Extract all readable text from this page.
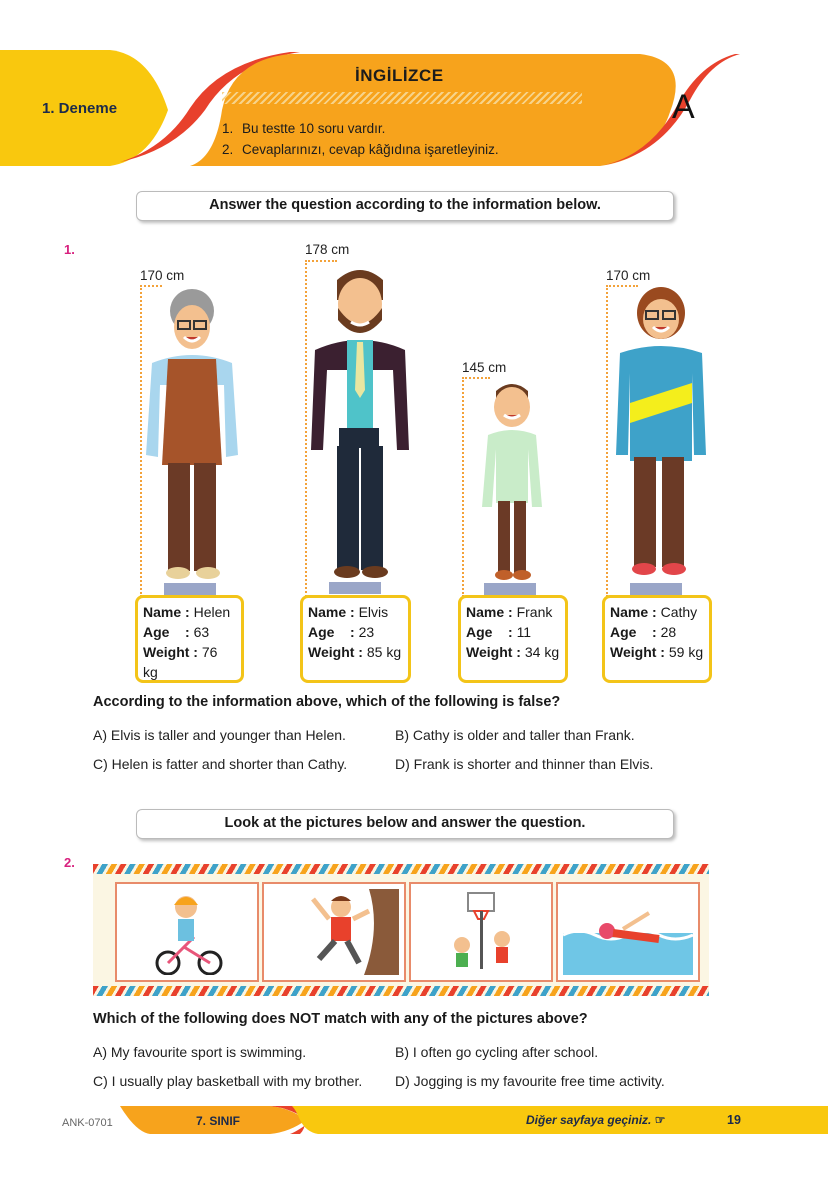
1. Deneme
İNGİLİZCE
1. Bu testte 10 soru vardır.
2. Cevaplarınızı, cevap kâğıdına işaretleyiniz.
A
Answer the question according to the information below.
1.
170 cm
178 cm
145 cm
170 cm
Name : Helen
Age : 63
Weight : 76 kg
Name : Elvis
Age : 23
Weight : 85 kg
Name : Frank
Age : 11
Weight : 34 kg
Name : Cathy
Age : 28
Weight : 59 kg
According to the information above, which of the following is false?
A) Elvis is taller and younger than Helen.	B) Cathy is older and taller than Frank.
C) Helen is fatter and shorter than Cathy.	D) Frank is shorter and thinner than Elvis.
Look at the pictures below and answer the question.
2.
Which of the following does NOT match with any of the pictures above?
A) My favourite sport is swimming.	B) I often go cycling after school.
C) I usually play basketball with my brother. D) Jogging is my favourite free time activity.
ANK-0701	7. SINIF	Diğer sayfaya geçiniz. ☞	19
